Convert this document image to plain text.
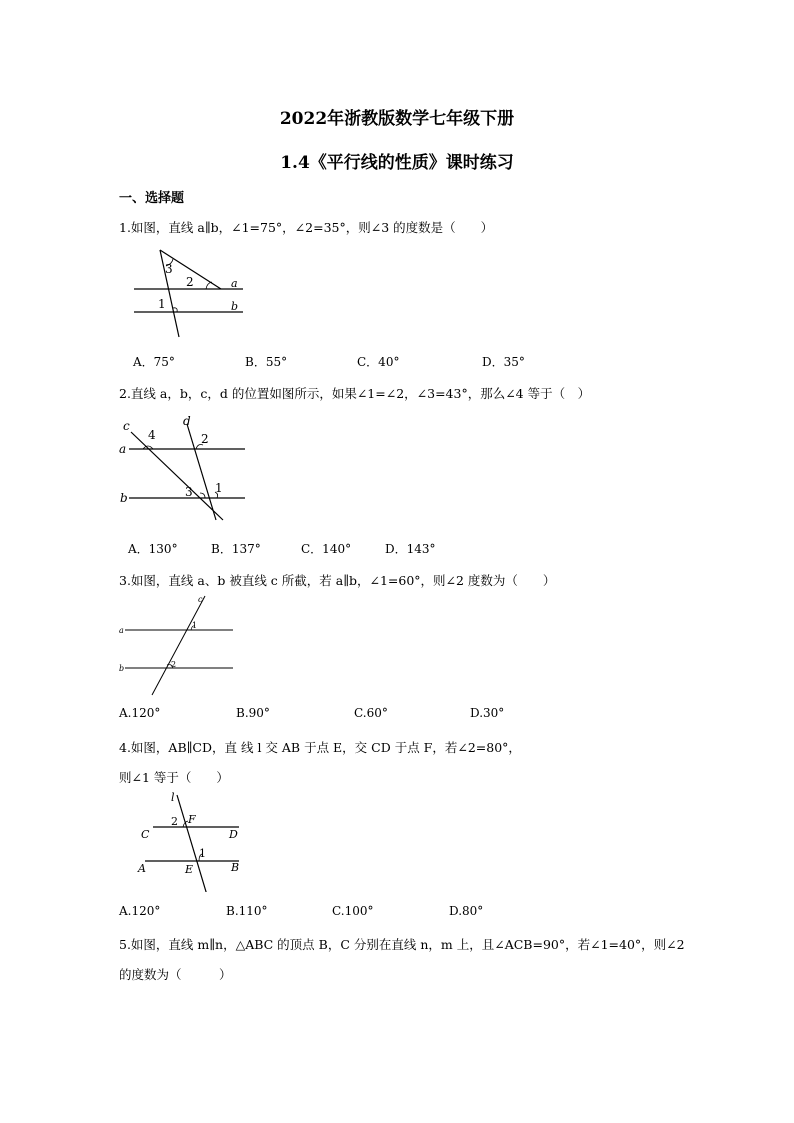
2022年浙教版数学七年级下册
1.4《平行线的性质》课时练习
一、选择题
1.如图，直线 a∥b，∠1=75°，∠2=35°，则∠3 的度数是（　　）
3
2
1
a
b
A．75°	B．55°	C．40°	D．35°
2.直线 a，b，c，d 的位置如图所示，如果∠1=∠2，∠3=43°，那么∠4 等于（　）
c
4
d
2
a
b	3 1
A．130°	B．137°	C．140°	D．143°
3.如图，直线 a、b 被直线 c 所截，若 a∥b，∠1=60°，则∠2 度数为（　　）
c
a
1
b	2
A.120°	B.90°	C.60°	D.30°
4.如图，AB∥CD，直 线 l 交 AB 于点 E，交 CD 于点 F，若∠2=80°，
则∠1 等于（　　）
l
2 F
C	D
1
A	E	B
A.120°	B.110°	C.100°	D.80°
5.如图，直线 m∥n，△ABC 的顶点 B，C 分别在直线 n，m 上，且∠ACB=90°，若∠1=40°，则∠2
的度数为（　　　）
